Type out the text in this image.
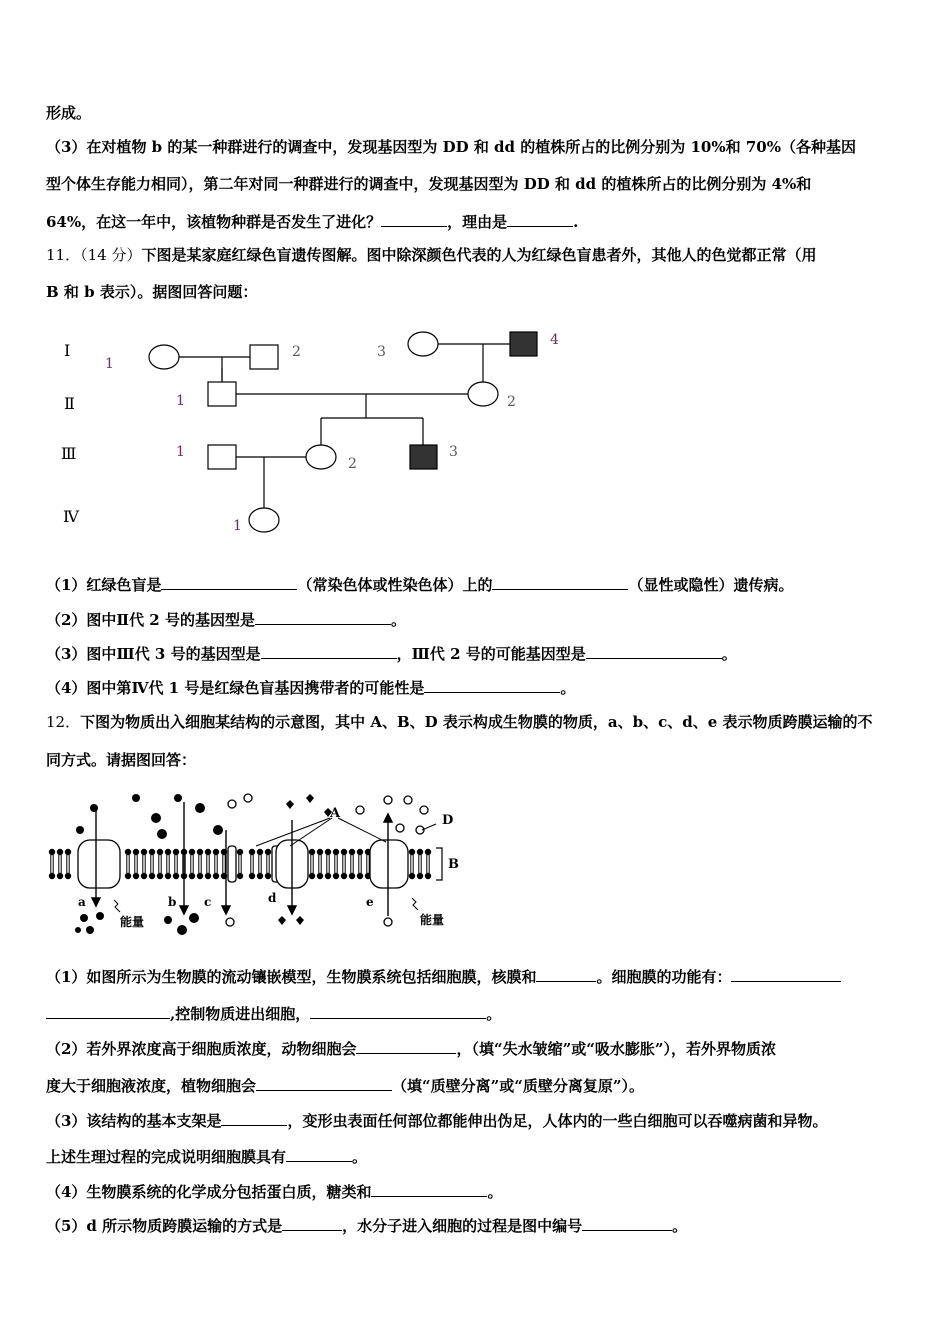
形成。
（3）在对植物 b 的某一种群进行的调查中，发现基因型为 DD 和 dd 的植株所占的比例分别为 10%和 70%（各种基因
型个体生存能力相同），第二年对同一种群进行的调查中，发现基因型为 DD 和 dd 的植株所占的比例分别为 4%和
64%，在这一年中，该植物种群是否发生了进化？	，理由是	.
11．（14 分）下图是某家庭红绿色盲遗传图解。图中除深颜色代表的人为红绿色盲患者外，其他人的色觉都正常（用
B 和 b 表示）。据图回答问题：
Ⅰ
Ⅱ
Ⅲ
Ⅳ
1
2	3
4
1	2
1
2
3
1
（1）红绿色盲是	（常染色体或性染色体）上的	（显性或隐性）遗传病。
（2）图中Ⅱ代 2 号的基因型是	。
（3）图中Ⅲ代 3 号的基因型是	，Ⅲ代 2 号的可能基因型是	。
（4）图中第Ⅳ代 1 号是红绿色盲基因携带者的可能性是	。
12．下图为物质出入细胞某结构的示意图，其中 A、B、D 表示构成生物膜的物质，a、b、c、d、e 表示物质跨膜运输的不
同方式。请据图回答：
B
A	D
a	b c	d	e
能量	能量
（1）如图所示为生物膜的流动镶嵌模型，生物膜系统包括细胞膜，核膜和	。细胞膜的功能有：
,控制物质进出细胞，	。
（2）若外界浓度高于细胞质浓度，动物细胞会	，（填“失水皱缩”或“吸水膨胀”），若外界物质浓
度大于细胞液浓度，植物细胞会	（填“质壁分离”或“质壁分离复原”）。
（3）该结构的基本支架是	，变形虫表面任何部位都能伸出伪足，人体内的一些白细胞可以吞噬病菌和异物。
上述生理过程的完成说明细胞膜具有	。
（4）生物膜系统的化学成分包括蛋白质，糖类和	。
（5）d 所示物质跨膜运输的方式是	，水分子进入细胞的过程是图中编号	。
